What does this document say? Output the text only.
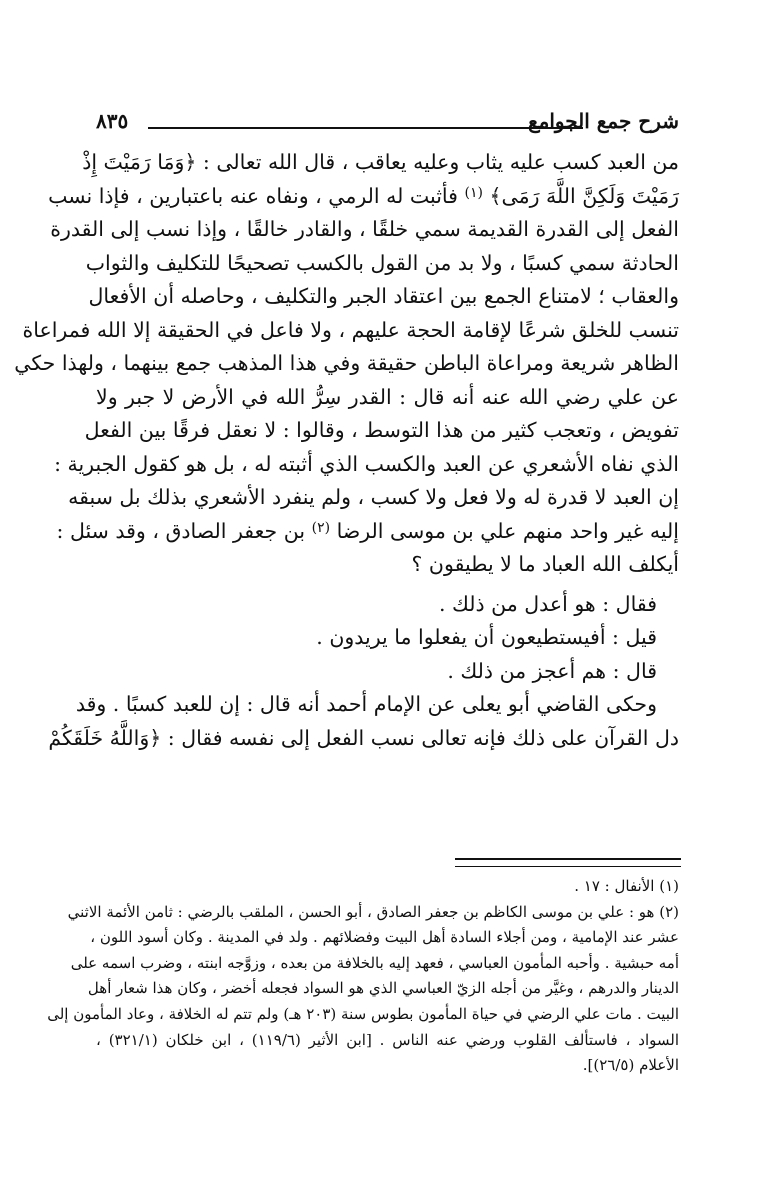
شرح جمع الجوامع
٨٣٥
من العبد كسب عليه يثاب وعليه يعاقب ، قال الله تعالى : ﴿وَمَا رَمَيْتَ إِذْ
رَمَيْتَ وَلَكِنَّ اللَّهَ رَمَى﴾ $^{(١)}$ فأثبت له الرمي ، ونفاه عنه باعتبارين ، فإذا نسب
الفعل إلى القدرة القديمة سمي خلقًا ، والقادر خالقًا ، وإذا نسب إلى القدرة
الحادثة سمي كسبًا ، ولا بد من القول بالكسب تصحيحًا للتكليف والثواب
والعقاب ؛ لامتناع الجمع بين اعتقاد الجبر والتكليف ، وحاصله أن الأفعال
تنسب للخلق شرعًا لإقامة الحجة عليهم ، ولا فاعل في الحقيقة إلا الله فمراعاة
الظاهر شريعة ومراعاة الباطن حقيقة وفي هذا المذهب جمع بينهما ، ولهذا حكي
عن علي رضي الله عنه أنه قال : القدر سِرُّ الله في الأرض لا جبر ولا
تفويض ، وتعجب كثير من هذا التوسط ، وقالوا : لا نعقل فرقًا بين الفعل
الذي نفاه الأشعري عن العبد والكسب الذي أثبته له ، بل هو كقول الجبرية :
إن العبد لا قدرة له ولا فعل ولا كسب ، ولم ينفرد الأشعري بذلك بل سبقه
إليه غير واحد منهم علي بن موسى الرضا $^{(٢)}$ بن جعفر الصادق ، وقد سئل :
أيكلف الله العباد ما لا يطيقون ؟
فقال : هو أعدل من ذلك .
قيل : أفيستطيعون أن يفعلوا ما يريدون .
قال : هم أعجز من ذلك .
وحكى القاضي أبو يعلى عن الإمام أحمد أنه قال : إن للعبد كسبًا . وقد
دل القرآن على ذلك فإنه تعالى نسب الفعل إلى نفسه فقال : ﴿وَاللَّهُ خَلَقَكُمْ
(١) الأنفال : ١٧ .
(٢) هو : علي بن موسى الكاظم بن جعفر الصادق ، أبو الحسن ، الملقب بالرضي : ثامن الأئمة الاثني
عشر عند الإمامية ، ومن أجلاء السادة أهل البيت وفضلائهم . ولد في المدينة . وكان أسود اللون ،
أمه حبشية . وأحبه المأمون العباسي ، فعهد إليه بالخلافة من بعده ، وزوَّجه ابنته ، وضرب اسمه على
الدينار والدرهم ، وغيَّر من أجله الزيّ العباسي الذي هو السواد فجعله أخضر ، وكان هذا شعار أهل
البيت . مات علي الرضي في حياة المأمون بطوس سنة (٢٠٣ هـ) ولم تتم له الخلافة ، وعاد المأمون إلى
السواد ، فاستألف القلوب ورضي عنه الناس . [ابن الأثير (١١٩/٦) ، ابن خلكان (٣٢١/١) ،
الأعلام (٢٦/٥)].
